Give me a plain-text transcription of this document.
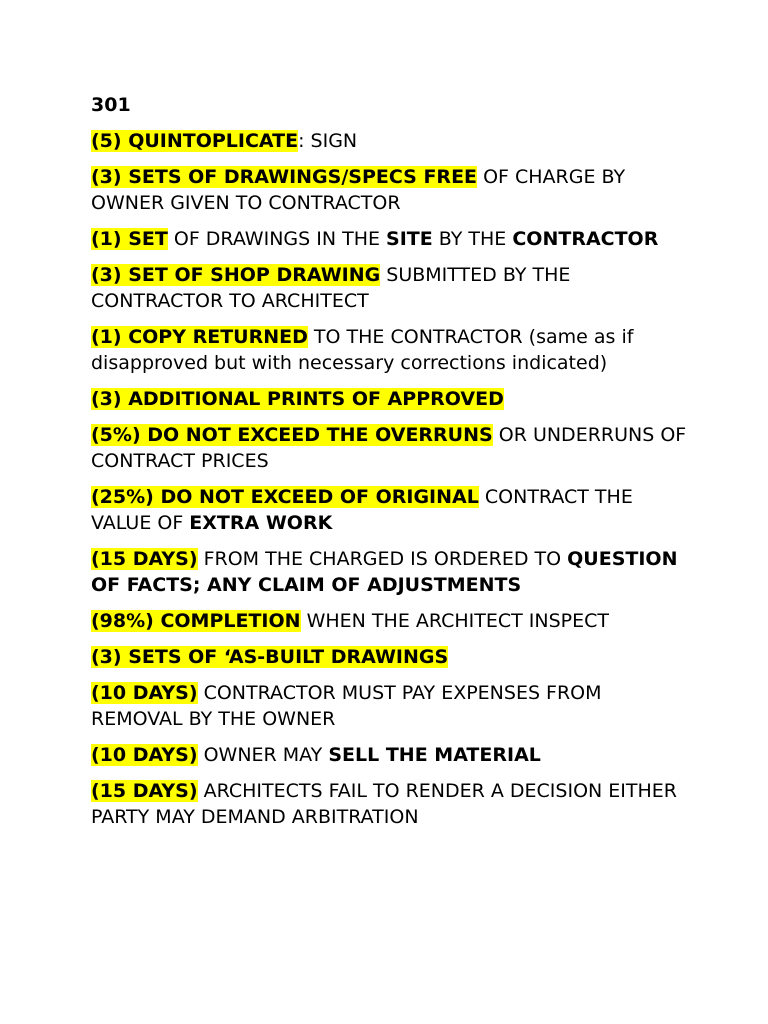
301
(5) QUINTOPLICATE: SIGN
(3) SETS OF DRAWINGS/SPECS FREE OF CHARGE BY OWNER GIVEN TO CONTRACTOR
(1) SET OF DRAWINGS IN THE SITE BY THE CONTRACTOR
(3) SET OF SHOP DRAWING SUBMITTED BY THE CONTRACTOR TO ARCHITECT
(1) COPY RETURNED TO THE CONTRACTOR (same as if disapproved but with necessary corrections indicated)
(3) ADDITIONAL PRINTS OF APPROVED
(5%) DO NOT EXCEED THE OVERRUNS OR UNDERRUNS OF CONTRACT PRICES
(25%) DO NOT EXCEED OF ORIGINAL CONTRACT THE VALUE OF EXTRA WORK
(15 DAYS) FROM THE CHARGED IS ORDERED TO QUESTION OF FACTS; ANY CLAIM OF ADJUSTMENTS
(98%) COMPLETION WHEN THE ARCHITECT INSPECT
(3) SETS OF ‘AS-BUILT DRAWINGS
(10 DAYS) CONTRACTOR MUST PAY EXPENSES FROM REMOVAL BY THE OWNER
(10 DAYS) OWNER MAY SELL THE MATERIAL
(15 DAYS) ARCHITECTS FAIL TO RENDER A DECISION EITHER PARTY MAY DEMAND ARBITRATION
